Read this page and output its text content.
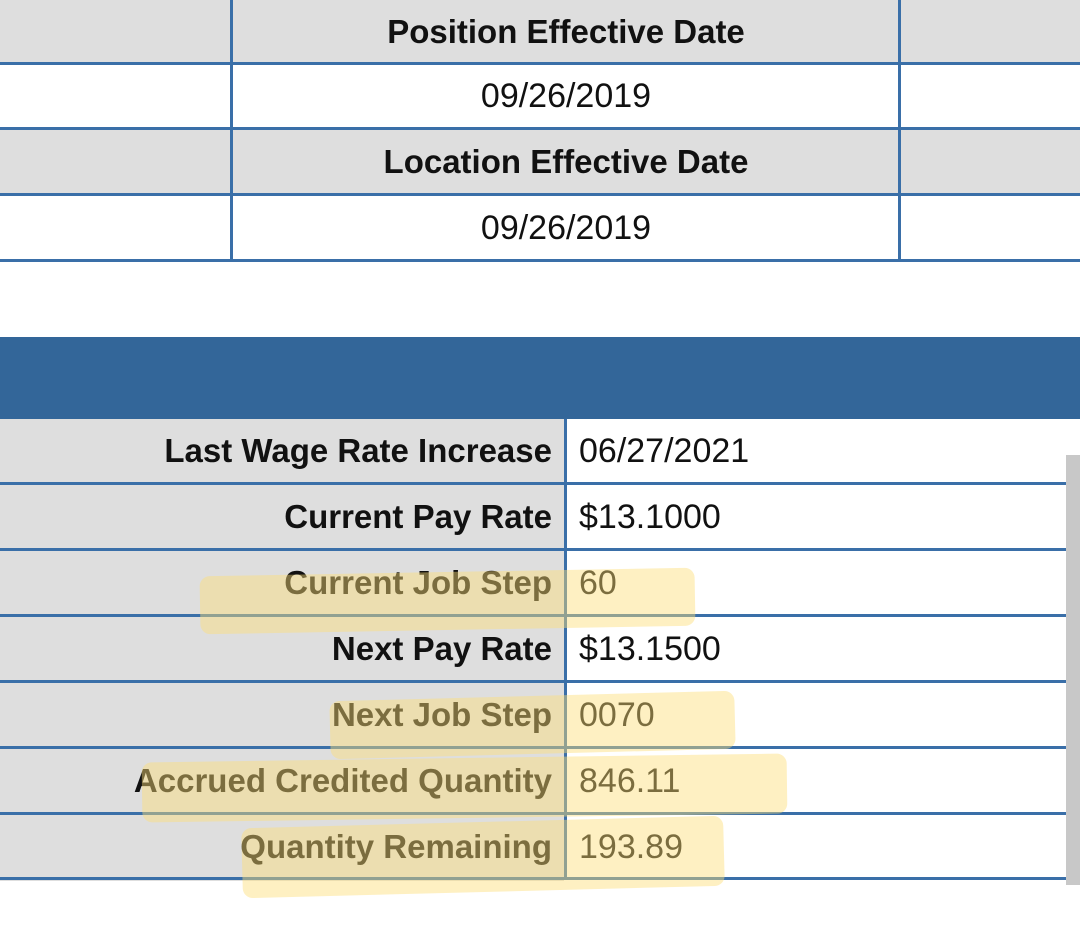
Position Effective Date
09/26/2019
Location Effective Date
09/26/2019
Last Wage Rate Increase 06/27/2021
Current Pay Rate $13.1000
Current Job Step 60
Next Pay Rate $13.1500
Next Job Step 0070
Accrued Credited Quantity 846.11
Quantity Remaining 193.89
